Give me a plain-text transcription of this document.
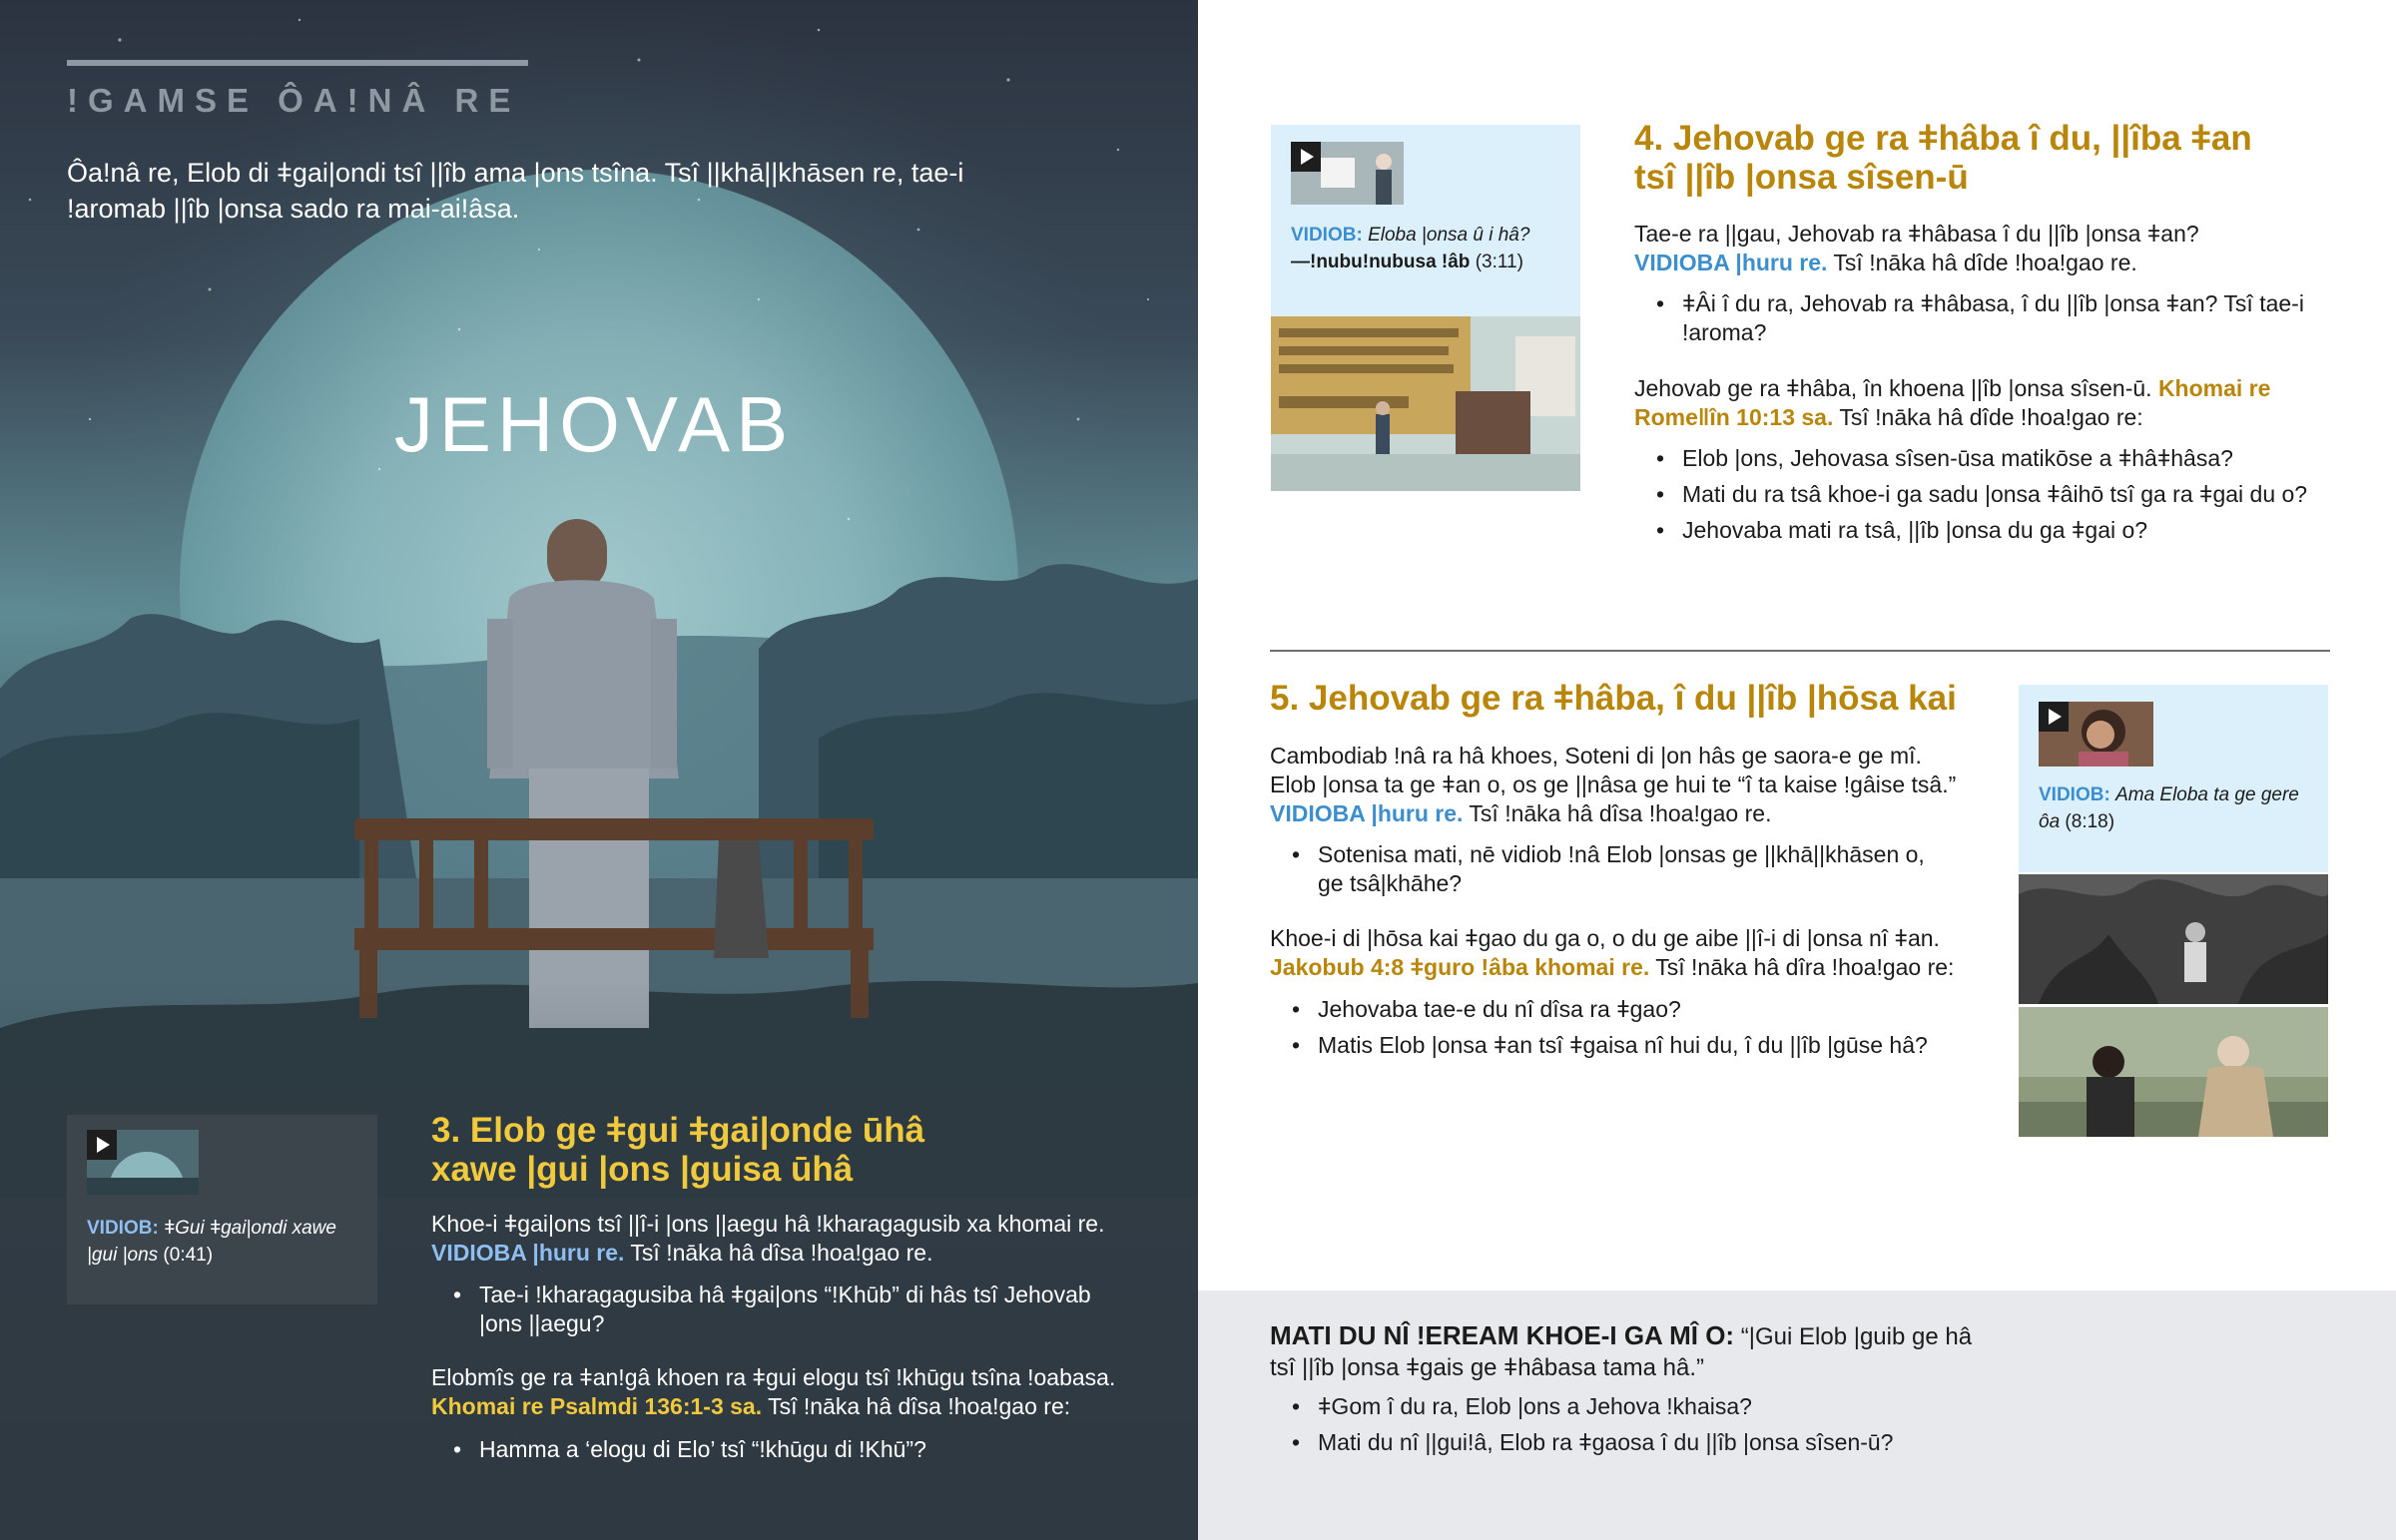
!GAMSE ÔA!NÂ RE

Ôa!nâ re, Elob di ǂgai|ondi tsî ||îb ama |ons tsîna. Tsî ||khā||khāsen re, tae-i !aromab ||îb |onsa sado ra mai-ai!âsa.

JEHOVAB
VIDIOB: ǂGui ǂgai|ondi xawe |gui |ons (0:41)
3. Elob ge ǂgui ǂgai|onde ūhâ
xawe |gui |ons |guisa ūhâ

Khoe-i ǂgai|ons tsî ||î-i |ons ||aegu hâ !kharagagusib xa khomai re.
VIDIOBA |huru re. Tsî !nāka hâ dîsa !hoa!gao re.

• Tae-i !kharagagusiba hâ ǂgai|ons “!Khūb” di hâs tsî Jehovab |ons ||aegu?

Elobmîs ge ra ǂan!gâ khoen ra ǂgui elogu tsî !khūgu tsîna !oabasa.
Khomai re Psalmdi 136:1-3 sa. Tsî !nāka hâ dîsa !hoa!gao re:

• Hamma a ‘elogu di Elo’ tsî “!khūgu di !Khū”?
VIDIOB: Eloba |onsa û i hâ?
—!nubu!nubusa !âb (3:11)
4. Jehovab ge ra ǂhâba î du, ||îba ǂan
tsî ||îb |onsa sîsen-ū

Tae-e ra ||gau, Jehovab ra ǂhâbasa î du ||îb |onsa ǂan?
VIDIOBA |huru re. Tsî !nāka hâ dîde !hoa!gao re.

• ǂÂi î du ra, Jehovab ra ǂhâbasa, î du ||îb |onsa ǂan? Tsî tae-i !aroma?

Jehovab ge ra ǂhâba, în khoena ||îb |onsa sîsen-ū. Khomai re Romeǁîn 10:13 sa. Tsî !nāka hâ dîde !hoa!gao re:

• Elob |ons, Jehovasa sîsen-ūsa matikōse a ǂhâǂhâsa?
• Mati du ra tsâ khoe-i ga sadu |onsa ǂâihō tsî ga ra ǂgai du o?
• Jehovaba mati ra tsâ, ||îb |onsa du ga ǂgai o?
5. Jehovab ge ra ǂhâba, î du ||îb |hōsa kai

Cambodiab !nâ ra hâ khoes, Soteni di |on hâs ge saora-e ge mî. Elob |onsa ta ge ǂan o, os ge ||nâsa ge hui te “î ta kaise !gâise tsâ.”
VIDIOBA |huru re. Tsî !nāka hâ dîsa !hoa!gao re.

• Sotenisa mati, nē vidiob !nâ Elob |onsas ge ||khā||khāsen o, ge tsâ|khāhe?

Khoe-i di |hōsa kai ǂgao du ga o, o du ge aibe ||î-i di |onsa nî ǂan.
Jakobub 4:8 ǂguro !âba khomai re. Tsî !nāka hâ dîra !hoa!gao re:

• Jehovaba tae-e du nî dîsa ra ǂgao?
• Matis Elob |onsa ǂan tsî ǂgaisa nî hui du, î du ||îb |gūse hâ?
VIDIOB: Ama Eloba ta ge gere ôa (8:18)

MATI DU NÎ !EREAM KHOE-I GA MÎ O: “|Gui Elob |guib ge hâ tsî ||îb |onsa ǂgais ge ǂhâbasa tama hâ.”

• ǂGom î du ra, Elob |ons a Jehova !khaisa?
• Mati du nî ||gui!â, Elob ra ǂgaosa î du ||îb |onsa sîsen-ū?
